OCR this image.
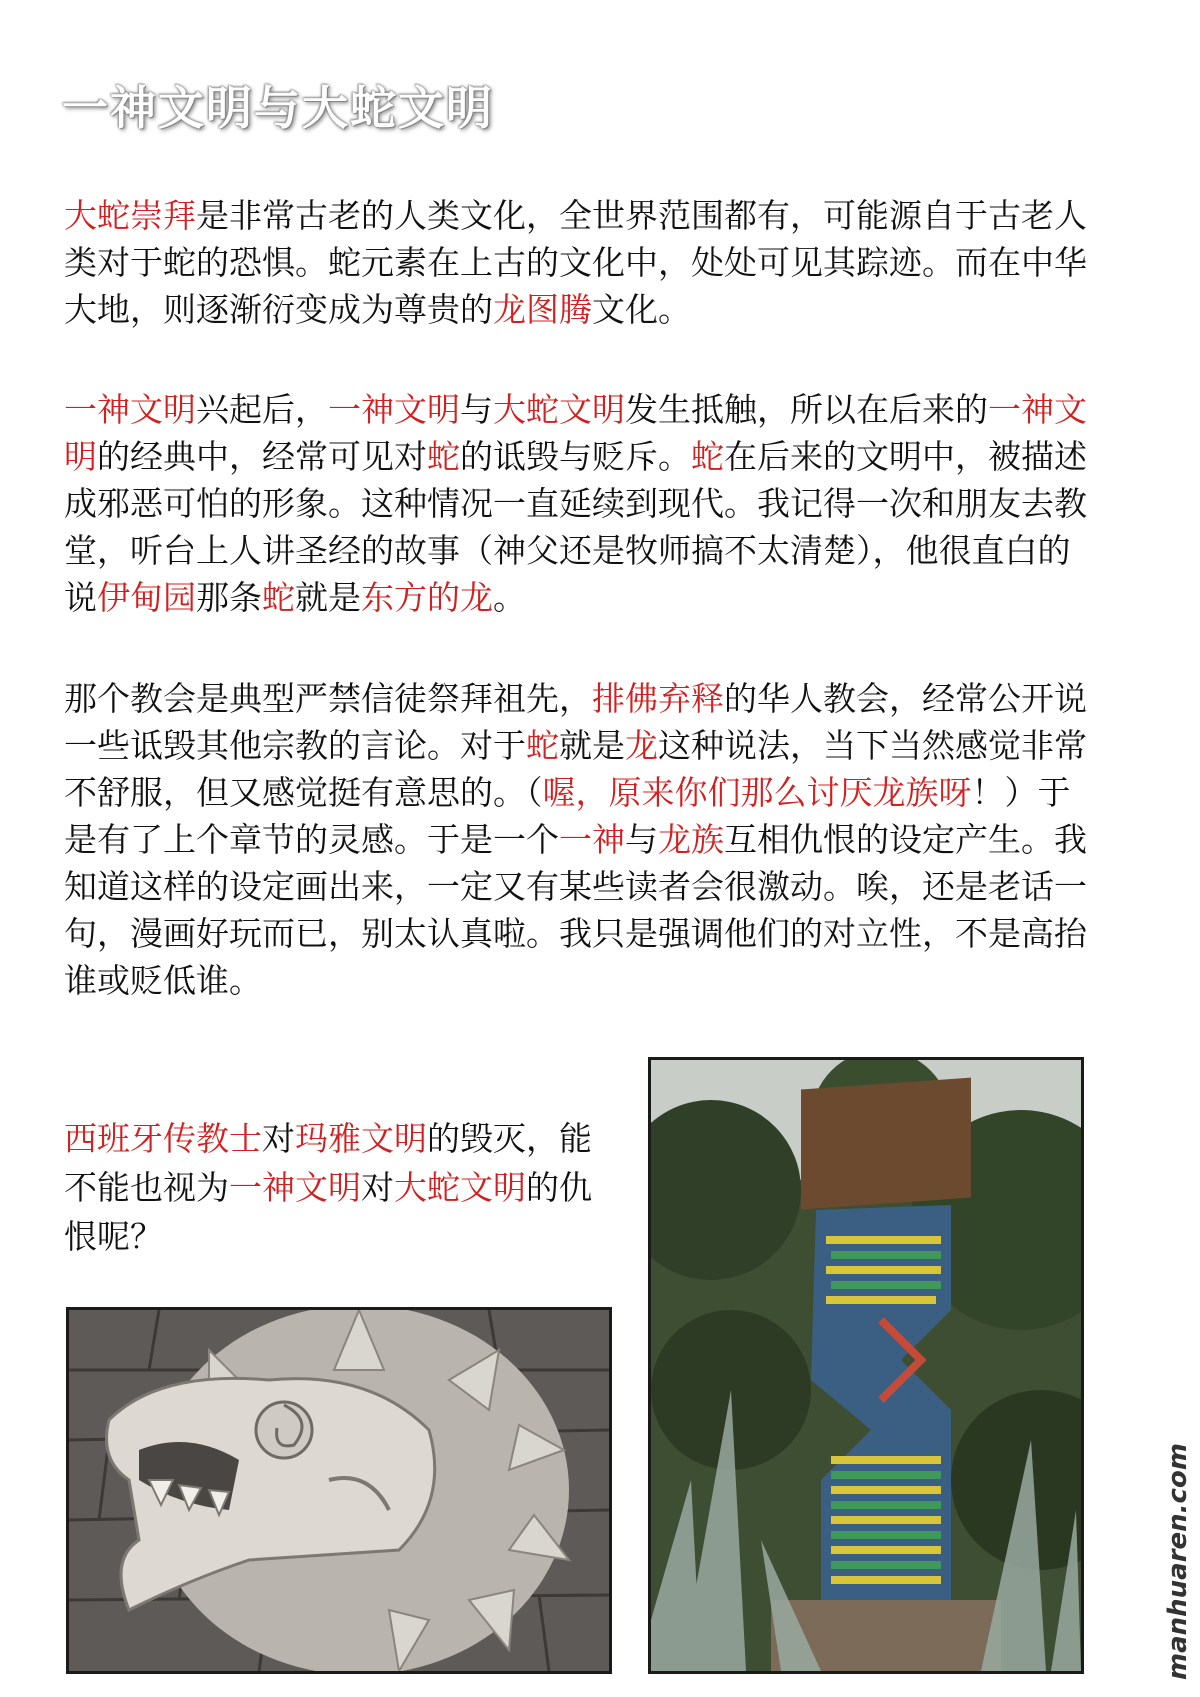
一神文明与大蛇文明

大蛇崇拜是非常古老的人类文化，全世界范围都有，可能源自于古老人类对于蛇的恐惧。蛇元素在上古的文化中，处处可见其踪迹。而在中华大地，则逐渐衍变成为尊贵的龙图腾文化。

一神文明兴起后，一神文明与大蛇文明发生抵触，所以在后来的一神文明的经典中，经常可见对蛇的诋毁与贬斥。蛇在后来的文明中，被描述成邪恶可怕的形象。这种情况一直延续到现代。我记得一次和朋友去教堂，听台上人讲圣经的故事（神父还是牧师搞不太清楚），他很直白的说伊甸园那条蛇就是东方的龙。

那个教会是典型严禁信徒祭拜祖先，排佛弃释的华人教会，经常公开说一些诋毁其他宗教的言论。对于蛇就是龙这种说法，当下当然感觉非常不舒服，但又感觉挺有意思的。（喔，原来你们那么讨厌龙族呀！）于是有了上个章节的灵感。于是一个一神与龙族互相仇恨的设定产生。我知道这样的设定画出来，一定又有某些读者会很激动。唉，还是老话一句，漫画好玩而已，别太认真啦。我只是强调他们的对立性，不是高抬谁或贬低谁。

西班牙传教士对玛雅文明的毁灭，能不能也视为一神文明对大蛇文明的仇恨呢？

manhuaren.com
